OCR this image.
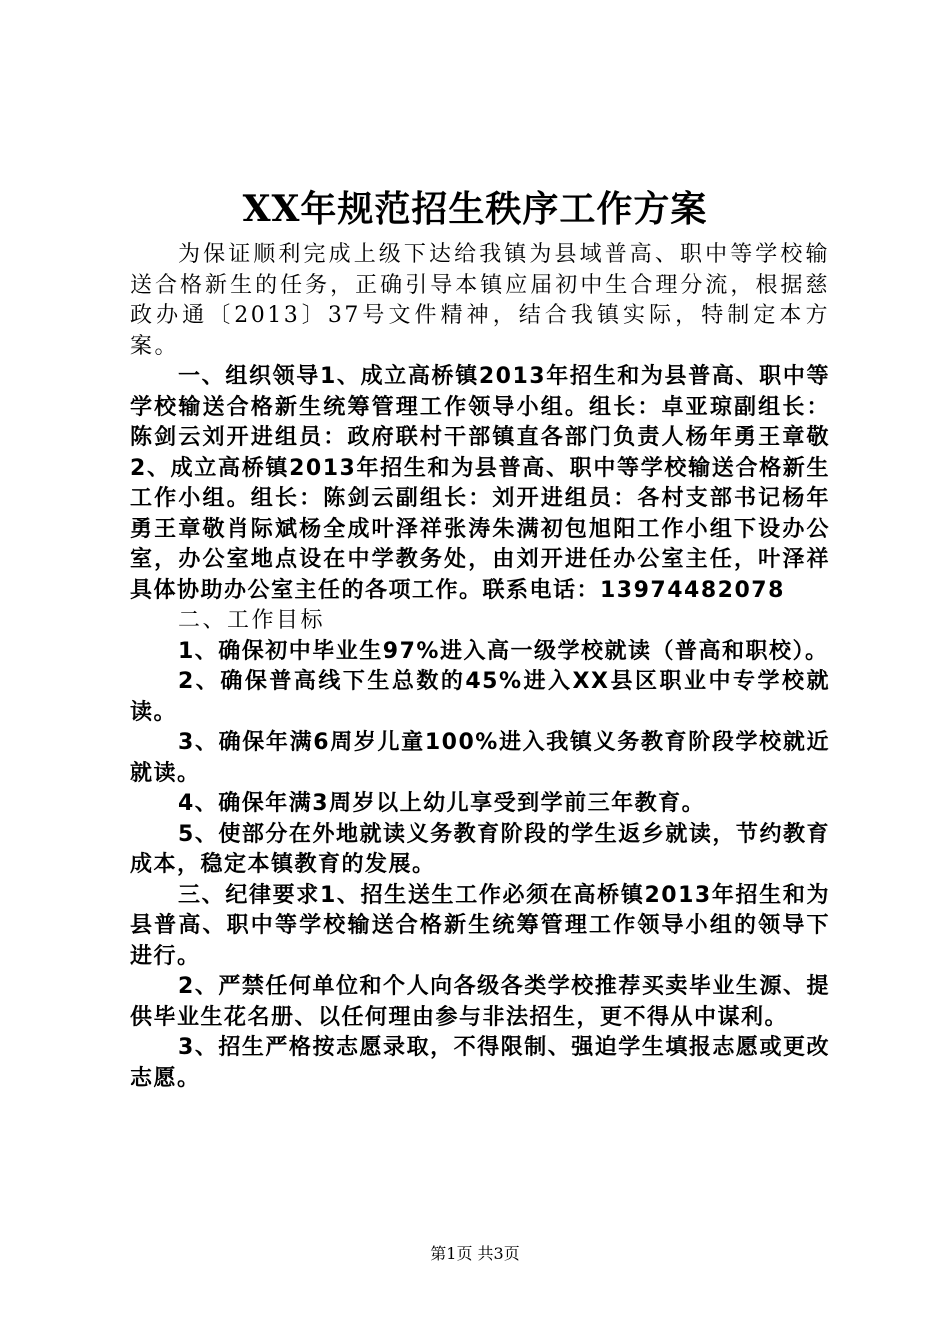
XX年规范招生秩序工作方案

为保证顺利完成上级下达给我镇为县域普高、职中等学校输送合格新生的任务，正确引导本镇应届初中生合理分流，根据慈政办通〔2013〕37号文件精神，结合我镇实际，特制定本方案。

一、组织领导1、成立高桥镇2013年招生和为县普高、职中等学校输送合格新生统筹管理工作领导小组。组长：卓亚琼副组长：陈剑云刘开进组员：政府联村干部镇直各部门负责人杨年勇王章敬2、成立高桥镇2013年招生和为县普高、职中等学校输送合格新生工作小组。组长：陈剑云副组长：刘开进组员：各村支部书记杨年勇王章敬肖际斌杨全成叶泽祥张涛朱满初包旭阳工作小组下设办公室，办公室地点设在中学教务处，由刘开进任办公室主任，叶泽祥具体协助办公室主任的各项工作。联系电话：13974482078

二、工作目标

1、确保初中毕业生97%进入高一级学校就读（普高和职校）。

2、确保普高线下生总数的45%进入XX县区职业中专学校就读。

3、确保年满6周岁儿童100%进入我镇义务教育阶段学校就近就读。

4、确保年满3周岁以上幼儿享受到学前三年教育。

5、使部分在外地就读义务教育阶段的学生返乡就读，节约教育成本，稳定本镇教育的发展。

三、纪律要求1、招生送生工作必须在高桥镇2013年招生和为县普高、职中等学校输送合格新生统筹管理工作领导小组的领导下进行。

2、严禁任何单位和个人向各级各类学校推荐买卖毕业生源、提供毕业生花名册、以任何理由参与非法招生，更不得从中谋利。

3、招生严格按志愿录取，不得限制、强迫学生填报志愿或更改志愿。

第1页 共3页
